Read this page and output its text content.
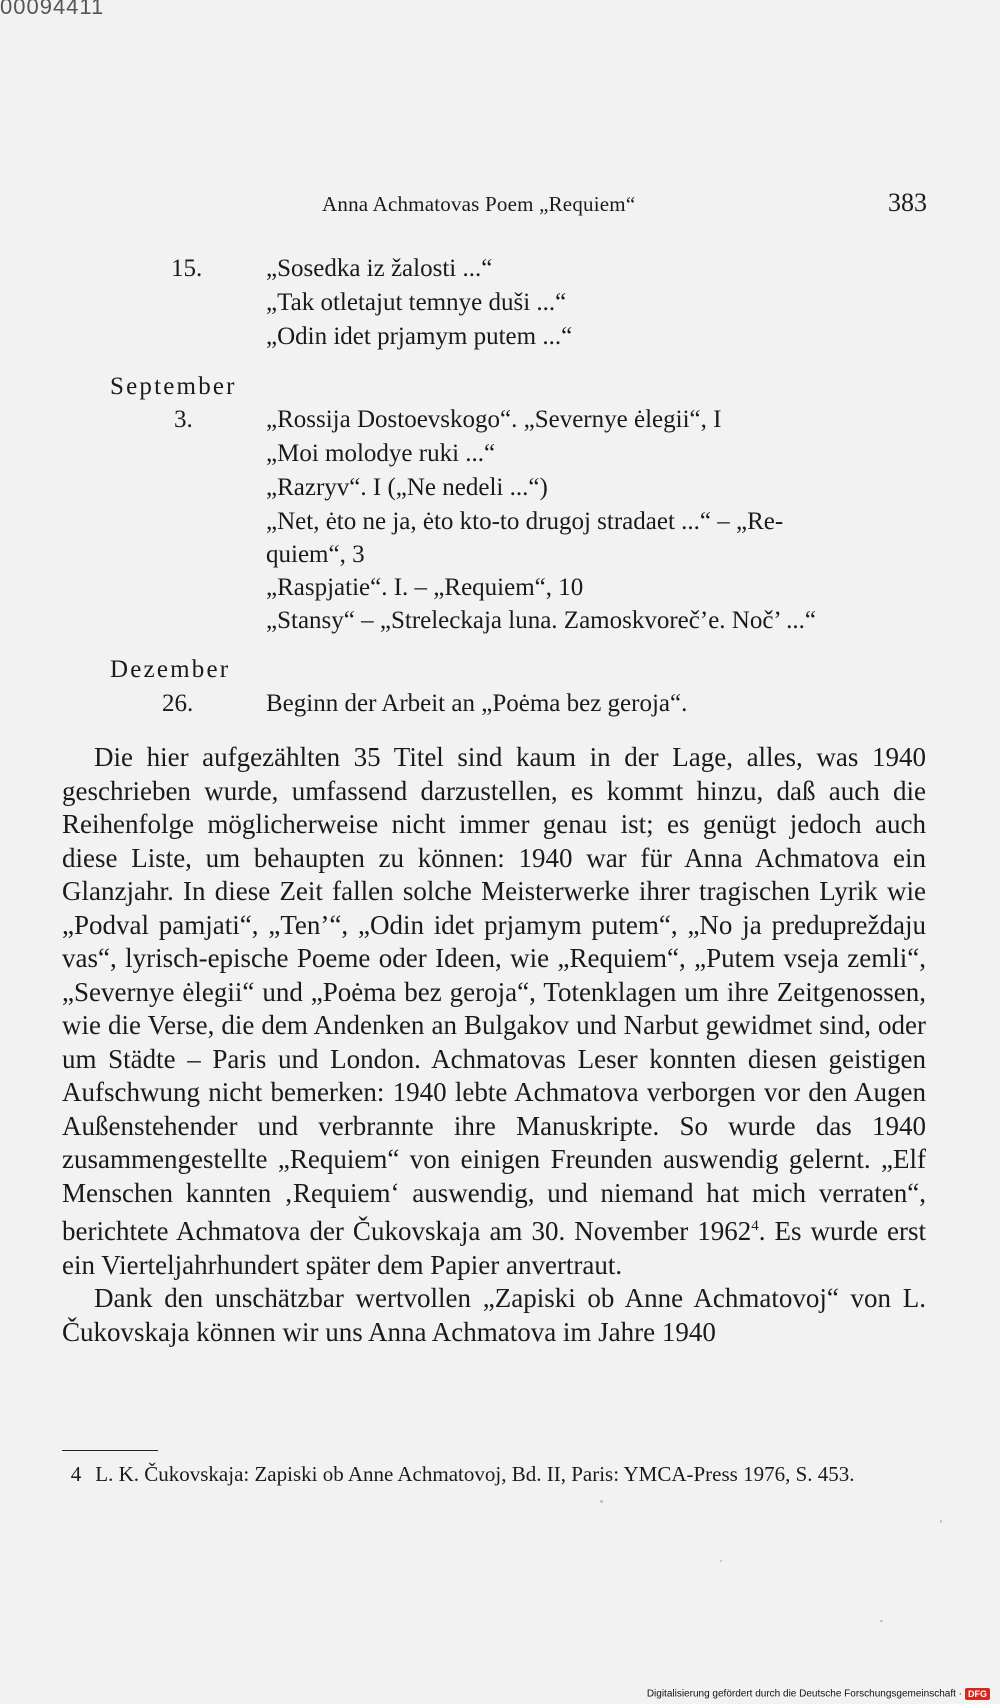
00094411
Anna Achmatovas Poem „Requiem“	383
15.	„Sosedka iz žalosti ...“
„Tak otletajut temnye duši ...“
„Odin idet prjamym putem ...“
September
3.	„Rossija Dostoevskogo“. „Severnye ėlegii“, I
„Moi molodye ruki ...“
„Razryv“. I („Ne nedeli ...“)
„Net, ėto ne ja, ėto kto-to drugoj stradaet ...“ – „Re-
quiem“, 3
„Raspjatie“. I. – „Requiem“, 10
„Stansy“ – „Streleckaja luna. Zamoskvoreč’e. Noč’ ...“
Dezember
26.	Beginn der Arbeit an „Poėma bez geroja“.

Die hier aufgezählten 35 Titel sind kaum in der Lage, alles, was 1940 geschrieben wurde, umfassend darzustellen, es kommt hinzu, daß auch die Reihenfolge möglicherweise nicht immer genau ist; es genügt jedoch auch diese Liste, um behaupten zu können: 1940 war für Anna Achmatova ein Glanzjahr. In diese Zeit fallen solche Meisterwerke ihrer tragischen Lyrik wie „Podval pamjati“, „Ten’“, „Odin idet prjamym putem“, „No ja predupreždaju vas“, lyrisch-epische Poeme oder Ideen, wie „Requiem“, „Putem vseja zemli“, „Severnye ėlegii“ und „Poėma bez geroja“, Totenklagen um ihre Zeitgenossen, wie die Verse, die dem Andenken an Bulgakov und Narbut gewidmet sind, oder um Städte – Paris und London. Achmatovas Leser konnten diesen geistigen Aufschwung nicht bemerken: 1940 lebte Achmatova verborgen vor den Augen Außenstehender und verbrannte ihre Manuskripte. So wurde das 1940 zusammengestellte „Requiem“ von einigen Freunden auswendig gelernt. „Elf Menschen kannten ‚Requiem‘ auswendig, und niemand hat mich verraten“, berichtete Achmatova der Čukovskaja am 30. November 1962$^4$. Es wurde erst ein Vierteljahrhundert später dem Papier anvertraut.

Dank den unschätzbar wertvollen „Zapiski ob Anne Achmatovoj“ von L. Čukovskaja können wir uns Anna Achmatova im Jahre 1940

4 L. K. Čukovskaja: Zapiski ob Anne Achmatovoj, Bd. II, Paris: YMCA-Press 1976, S. 453.
Digitalisierung gefördert durch die Deutsche Forschungsgemeinschaft · DFG
